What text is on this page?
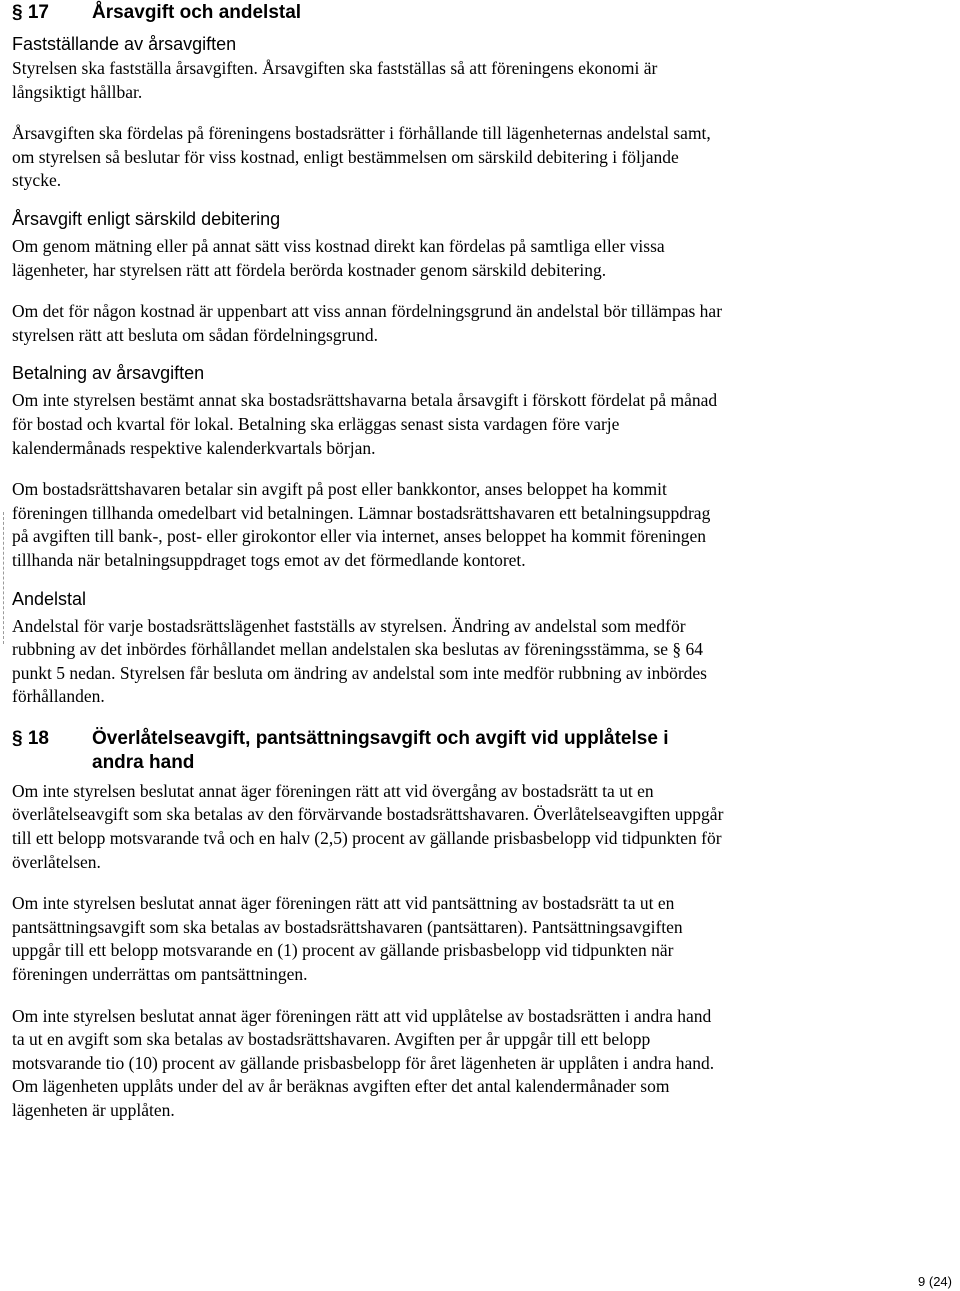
§ 17	Årsavgift och andelstal
Fastställande av årsavgiften

Styrelsen ska fastställa årsavgiften. Årsavgiften ska fastställas så att föreningens ekonomi är långsiktigt hållbar.

Årsavgiften ska fördelas på föreningens bostadsrätter i förhållande till lägenheternas andelstal samt, om styrelsen så beslutar för viss kostnad, enligt bestämmelsen om särskild debitering i följande stycke.

Årsavgift enligt särskild debitering

Om genom mätning eller på annat sätt viss kostnad direkt kan fördelas på samtliga eller vissa lägenheter, har styrelsen rätt att fördela berörda kostnader genom särskild debitering.

Om det för någon kostnad är uppenbart att viss annan fördelningsgrund än andelstal bör tillämpas har styrelsen rätt att besluta om sådan fördelningsgrund.

Betalning av årsavgiften

Om inte styrelsen bestämt annat ska bostadsrättshavarna betala årsavgift i förskott fördelat på månad för bostad och kvartal för lokal. Betalning ska erläggas senast sista vardagen före varje kalendermånads respektive kalenderkvartals början.

Om bostadsrättshavaren betalar sin avgift på post eller bankkontor, anses beloppet ha kommit föreningen tillhanda omedelbart vid betalningen. Lämnar bostadsrättshavaren ett betalningsuppdrag på avgiften till bank-, post- eller girokontor eller via internet, anses beloppet ha kommit föreningen tillhanda när betalningsuppdraget togs emot av det förmedlande kontoret.

Andelstal

Andelstal för varje bostadsrättslägenhet fastställs av styrelsen. Ändring av andelstal som medför rubbning av det inbördes förhållandet mellan andelstalen ska beslutas av föreningsstämma, se § 64 punkt 5 nedan. Styrelsen får besluta om ändring av andelstal som inte medför rubbning av inbördes förhållanden.

§ 18	Överlåtelseavgift, pantsättningsavgift och avgift vid upplåtelse i andra hand

Om inte styrelsen beslutat annat äger föreningen rätt att vid övergång av bostadsrätt ta ut en överlåtelseavgift som ska betalas av den förvärvande bostadsrättshavaren. Överlåtelseavgiften uppgår till ett belopp motsvarande två och en halv (2,5) procent av gällande prisbasbelopp vid tidpunkten för överlåtelsen.

Om inte styrelsen beslutat annat äger föreningen rätt att vid pantsättning av bostadsrätt ta ut en pantsättningsavgift som ska betalas av bostadsrättshavaren (pantsättaren). Pantsättningsavgiften uppgår till ett belopp motsvarande en (1) procent av gällande prisbasbelopp vid tidpunkten när föreningen underrättas om pantsättningen.

Om inte styrelsen beslutat annat äger föreningen rätt att vid upplåtelse av bostadsrätten i andra hand ta ut en avgift som ska betalas av bostadsrättshavaren. Avgiften per år uppgår till ett belopp motsvarande tio (10) procent av gällande prisbasbelopp för året lägenheten är upplåten i andra hand. Om lägenheten upplåts under del av år beräknas avgiften efter det antal kalendermånader som lägenheten är upplåten.

9 (24)
